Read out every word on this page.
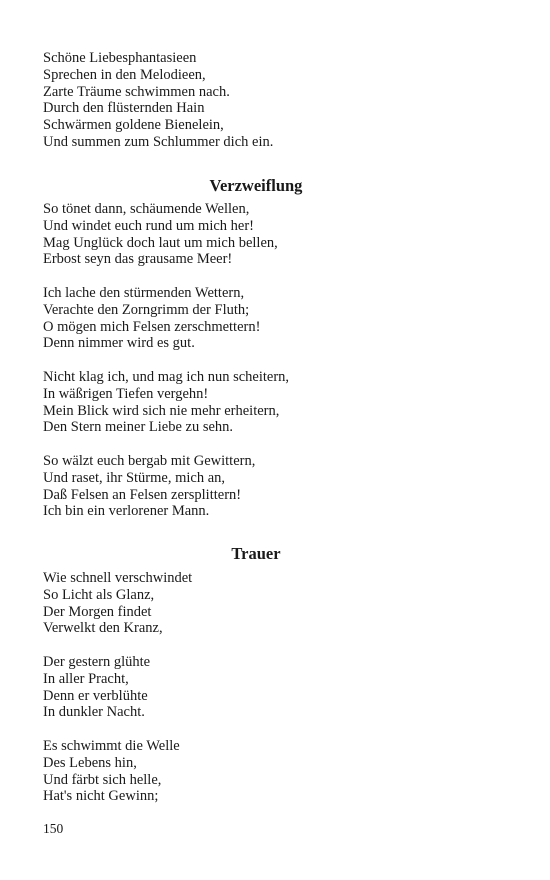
Schöne Liebesphantasieen
Sprechen in den Melodieen,
Zarte Träume schwimmen nach.
Durch den flüsternden Hain
Schwärmen goldene Bienelein,
Und summen zum Schlummer dich ein.
Verzweiflung
So tönet dann, schäumende Wellen,
Und windet euch rund um mich her!
Mag Unglück doch laut um mich bellen,
Erbost seyn das grausame Meer!
Ich lache den stürmenden Wettern,
Verachte den Zorngrimm der Fluth;
O mögen mich Felsen zerschmettern!
Denn nimmer wird es gut.
Nicht klag ich, und mag ich nun scheitern,
In wäßrigen Tiefen vergehn!
Mein Blick wird sich nie mehr erheitern,
Den Stern meiner Liebe zu sehn.
So wälzt euch bergab mit Gewittern,
Und raset, ihr Stürme, mich an,
Daß Felsen an Felsen zersplittern!
Ich bin ein verlorener Mann.
Trauer
Wie schnell verschwindet
So Licht als Glanz,
Der Morgen findet
Verwelkt den Kranz,
Der gestern glühte
In aller Pracht,
Denn er verblühte
In dunkler Nacht.
Es schwimmt die Welle
Des Lebens hin,
Und färbt sich helle,
Hat's nicht Gewinn;
150
